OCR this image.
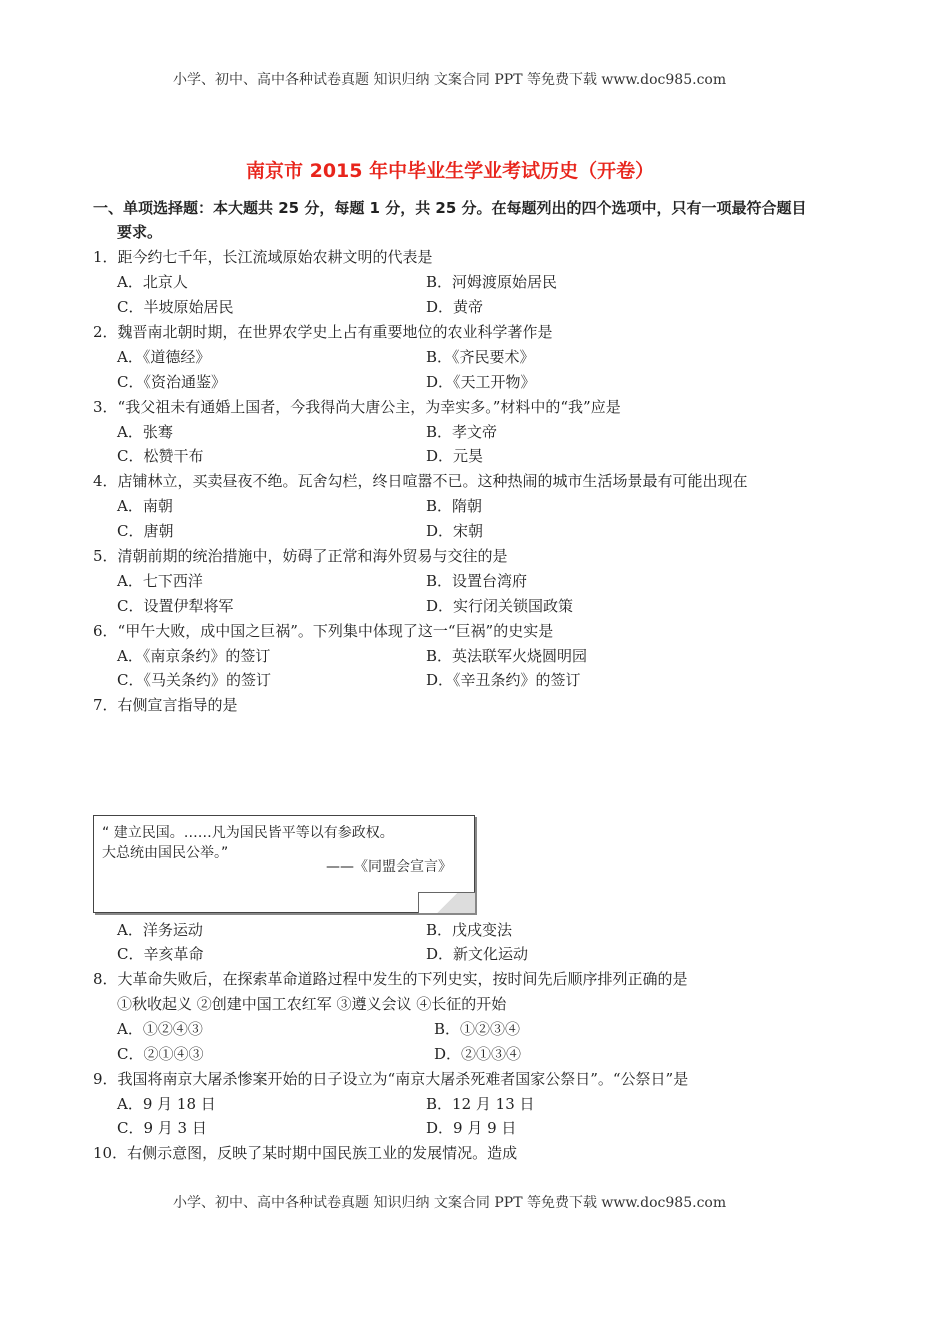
小学、初中、高中各种试卷真题 知识归纳 文案合同 PPT 等免费下载 www.doc985.com
南京市 2015 年中毕业生学业考试历史（开卷）
一、单项选择题：本大题共 25 分，每题 1 分，共 25 分。在每题列出的四个选项中，只有一项最符合题目
要求。
1．距今约七千年，长江流域原始农耕文明的代表是
A．北京人	B．河姆渡原始居民
C．半坡原始居民	D．黄帝
2．魏晋南北朝时期，在世界农学史上占有重要地位的农业科学著作是
A．《道德经》	B．《齐民要术》
C．《资治通鉴》	D．《天工开物》
3．“我父祖未有通婚上国者，今我得尚大唐公主，为幸实多。”材料中的“我”应是
A．张骞	B．孝文帝
C．松赞干布	D．元昊
4．店铺林立，买卖昼夜不绝。瓦舍勾栏，终日喧嚣不已。这种热闹的城市生活场景最有可能出现在
A．南朝	B．隋朝
C．唐朝	D．宋朝
5．清朝前期的统治措施中，妨碍了正常和海外贸易与交往的是
A．七下西洋	B．设置台湾府
C．设置伊犁将军	D．实行闭关锁国政策
6．“甲午大败，成中国之巨祸”。下列集中体现了这一“巨祸”的史实是
A．《南京条约》的签订	B．英法联军火烧圆明园
C．《马关条约》的签订	D．《辛丑条约》的签订
7．右侧宣言指导的是
“ 建立民国。……凡为国民皆平等以有参政权。
大总统由国民公举。”
——《同盟会宣言》
A．洋务运动	B．戊戌变法
C．辛亥革命	D．新文化运动
8．大革命失败后，在探索革命道路过程中发生的下列史实，按时间先后顺序排列正确的是
①秋收起义 ②创建中国工农红军 ③遵义会议 ④长征的开始
A．①②④③	B．①②③④
C．②①④③	D．②①③④
9．我国将南京大屠杀惨案开始的日子设立为“南京大屠杀死难者国家公祭日”。“公祭日”是
A．9 月 18 日	B．12 月 13 日
C．9 月 3 日	D．9 月 9 日
10．右侧示意图，反映了某时期中国民族工业的发展情况。造成
小学、初中、高中各种试卷真题 知识归纳 文案合同 PPT 等免费下载 www.doc985.com
